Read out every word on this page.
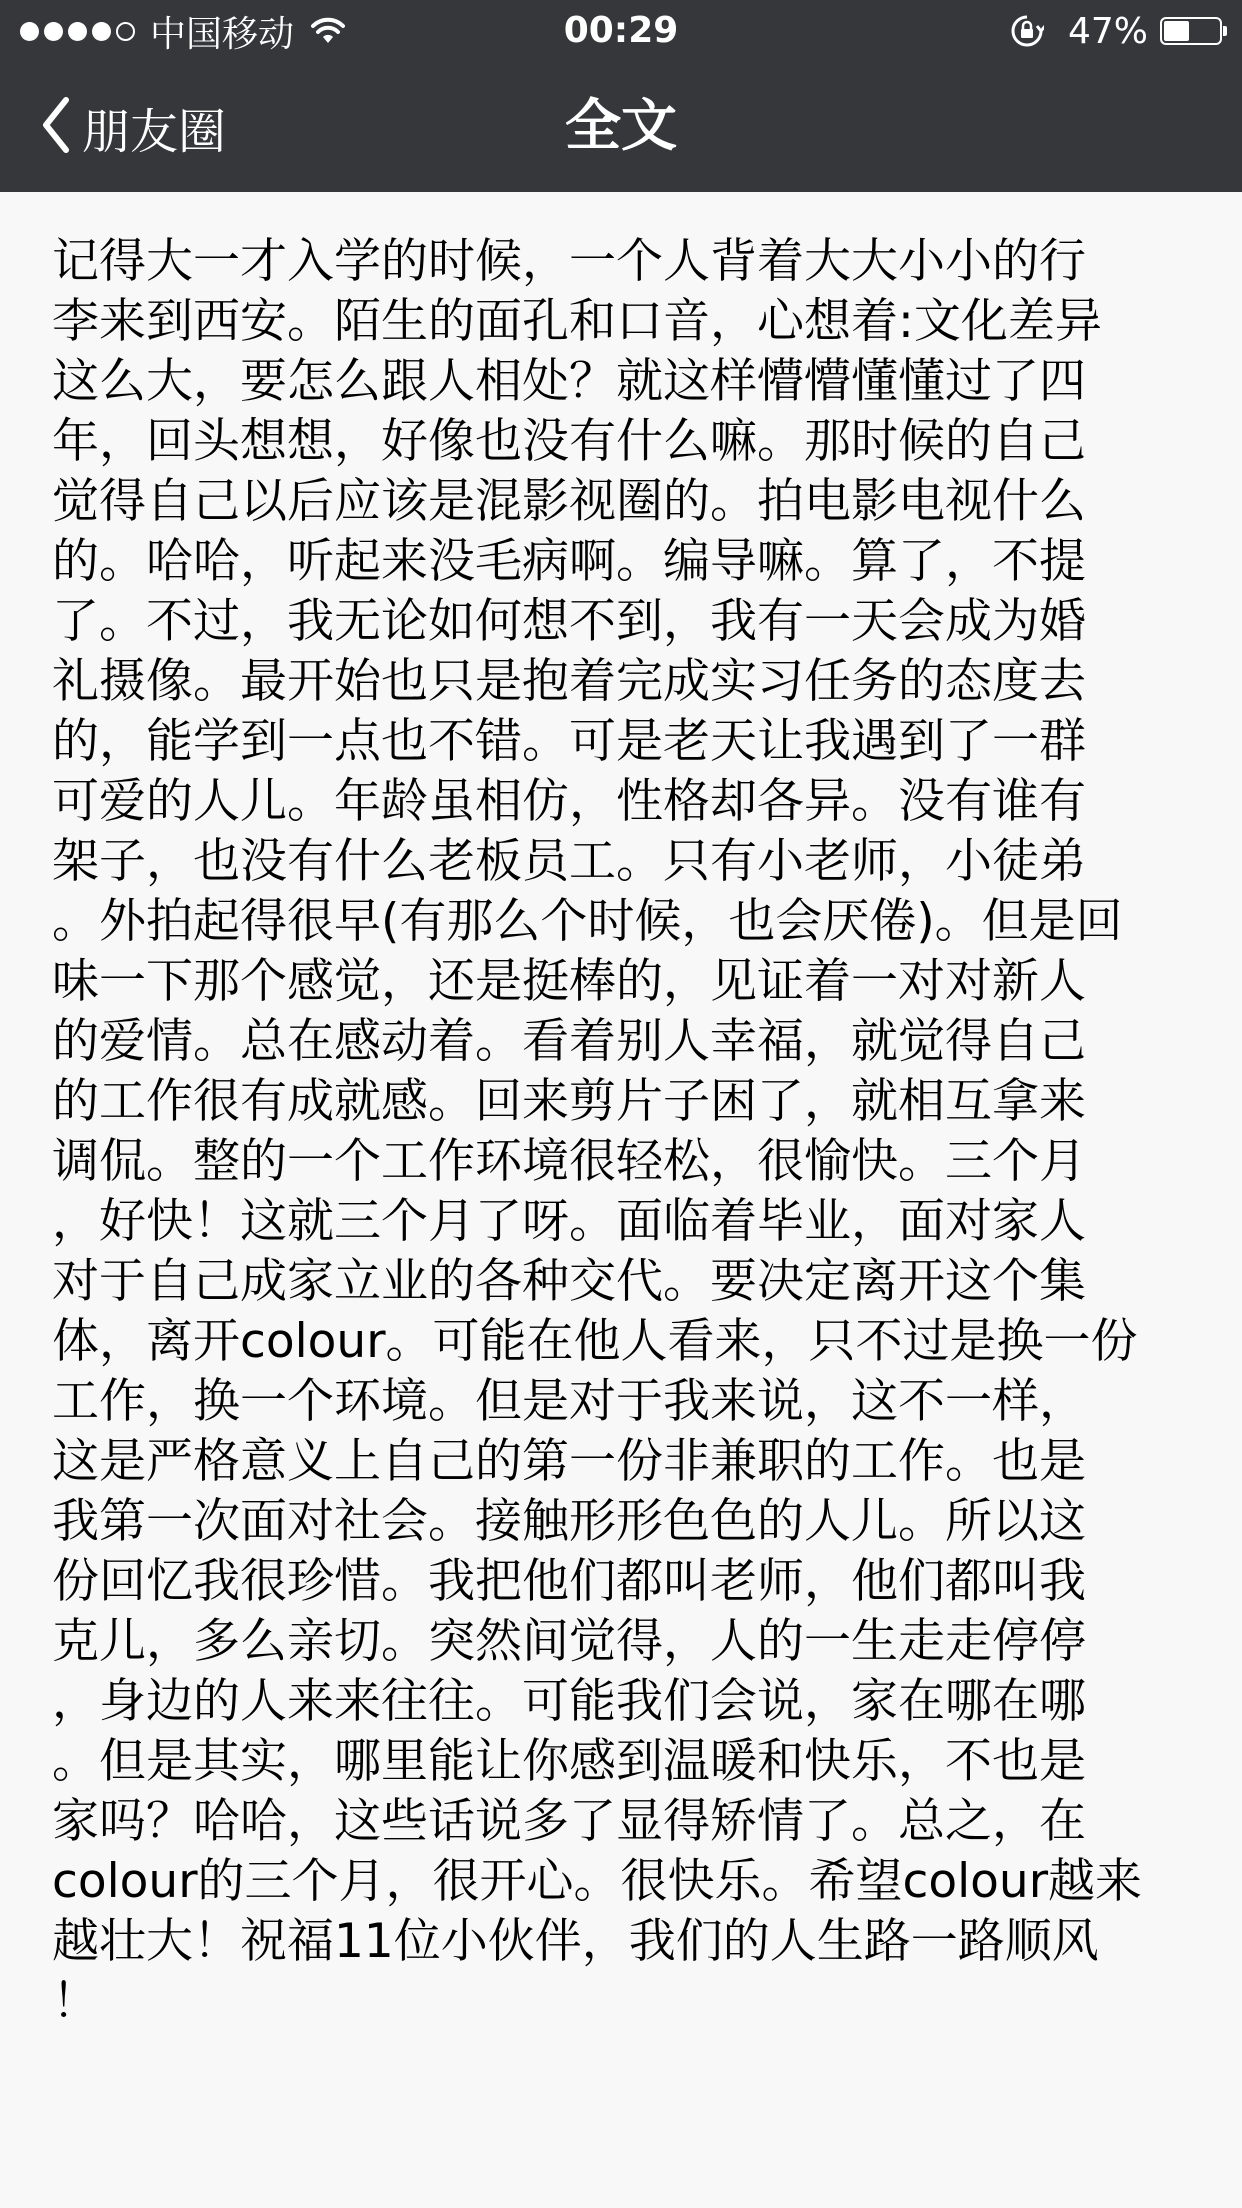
中国移动	00:29	47%
朋友圈	全文
记得大一才入学的时候，一个人背着大大小小的行
李来到西安。陌生的面孔和口音，心想着:文化差异
这么大，要怎么跟人相处？就这样懵懵懂懂过了四
年，回头想想，好像也没有什么嘛。那时候的自己
觉得自己以后应该是混影视圈的。拍电影电视什么
的。哈哈，听起来没毛病啊。编导嘛。算了，不提
了。不过，我无论如何想不到，我有一天会成为婚
礼摄像。最开始也只是抱着完成实习任务的态度去
的，能学到一点也不错。可是老天让我遇到了一群
可爱的人儿。年龄虽相仿，性格却各异。没有谁有
架子，也没有什么老板员工。只有小老师，小徒弟
。外拍起得很早(有那么个时候，也会厌倦)。但是回
味一下那个感觉，还是挺棒的，见证着一对对新人
的爱情。总在感动着。看着别人幸福，就觉得自己
的工作很有成就感。回来剪片子困了，就相互拿来
调侃。整的一个工作环境很轻松，很愉快。三个月
，好快！这就三个月了呀。面临着毕业，面对家人
对于自己成家立业的各种交代。要决定离开这个集
体，离开colour。可能在他人看来，只不过是换一份
工作，换一个环境。但是对于我来说，这不一样，
这是严格意义上自己的第一份非兼职的工作。也是
我第一次面对社会。接触形形色色的人儿。所以这
份回忆我很珍惜。我把他们都叫老师，他们都叫我
克儿，多么亲切。突然间觉得，人的一生走走停停
，身边的人来来往往。可能我们会说，家在哪在哪
。但是其实，哪里能让你感到温暖和快乐，不也是
家吗？哈哈，这些话说多了显得矫情了。总之，在
colour的三个月，很开心。很快乐。希望colour越来
越壮大！祝福11位小伙伴，我们的人生路一路顺风
！
